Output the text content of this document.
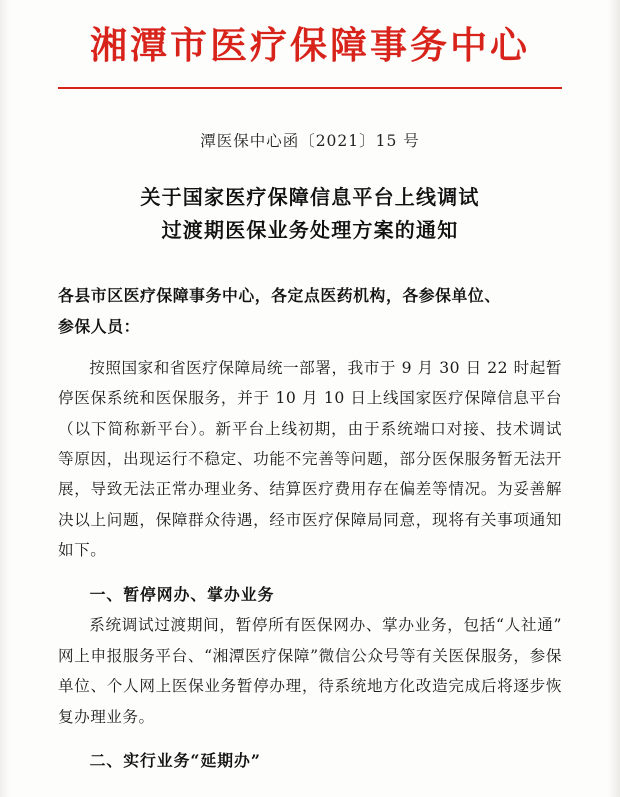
湘潭市医疗保障事务中心
潭医保中心函〔2021〕15 号
关于国家医疗保障信息平台上线调试
过渡期医保业务处理方案的通知
各县市区医疗保障事务中心，各定点医药机构，各参保单位、
参保人员：

按照国家和省医疗保障局统一部署，我市于 9 月 30 日 22 时起暂停医保系统和医保服务，并于 10 月 10 日上线国家医疗保障信息平台（以下简称新平台）。新平台上线初期，由于系统端口对接、技术调试等原因，出现运行不稳定、功能不完善等问题，部分医保服务暂无法开展，导致无法正常办理业务、结算医疗费用存在偏差等情况。为妥善解决以上问题，保障群众待遇，经市医疗保障局同意，现将有关事项通知如下。

一、暂停网办、掌办业务

系统调试过渡期间，暂停所有医保网办、掌办业务，包括“人社通”网上申报服务平台、“湘潭医疗保障”微信公众号等有关医保服务，参保单位、个人网上医保业务暂停办理，待系统地方化改造完成后将逐步恢复办理业务。

二、实行业务“延期办”
